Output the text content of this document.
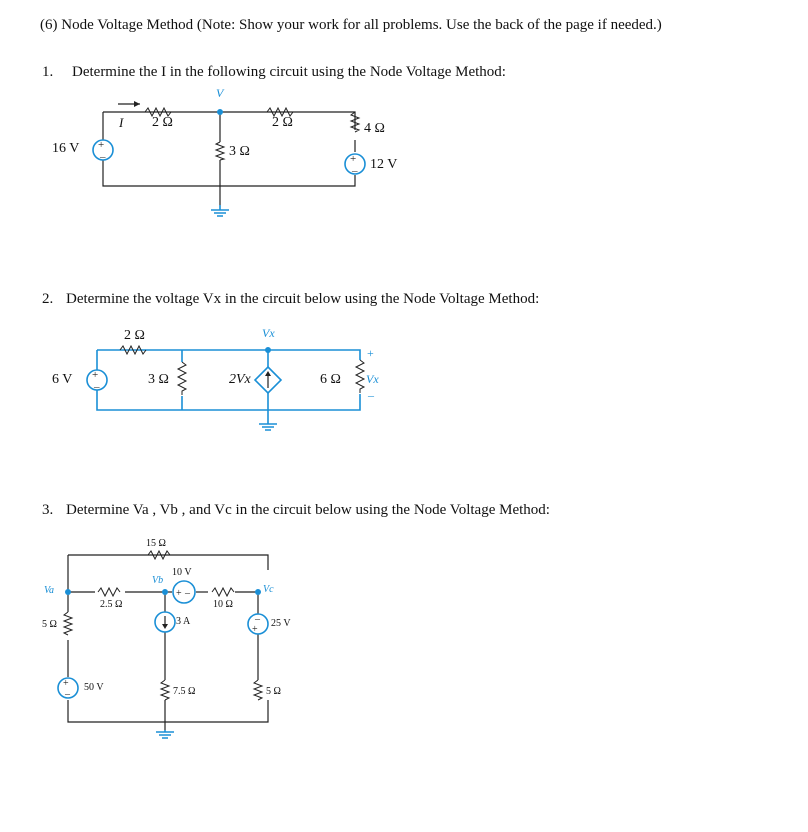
(6) Node Voltage Method (Note: Show your work for all problems. Use the back of the page if needed.)
1. Determine the I in the following circuit using the Node Voltage Method:
+
–	+
–
V
I 2 Ω	2 Ω
3 Ω
4 Ω
16 V
12 V
2. Determine the voltage Vx in the circuit below using the Node Voltage Method:
+
–
Vx
2 Ω
3 Ω	6 Ω
6 V	2Vx
+
Vx
–
3. Determine Va , Vb , and Vc in the circuit below using the Node Voltage Method:
+ –
–
+
+
–
Va
Vb
Vc
15 Ω
2.5 Ω	10 Ω
5 Ω
7.5 Ω	5 Ω
10 V
3 A	25 V
50 V
